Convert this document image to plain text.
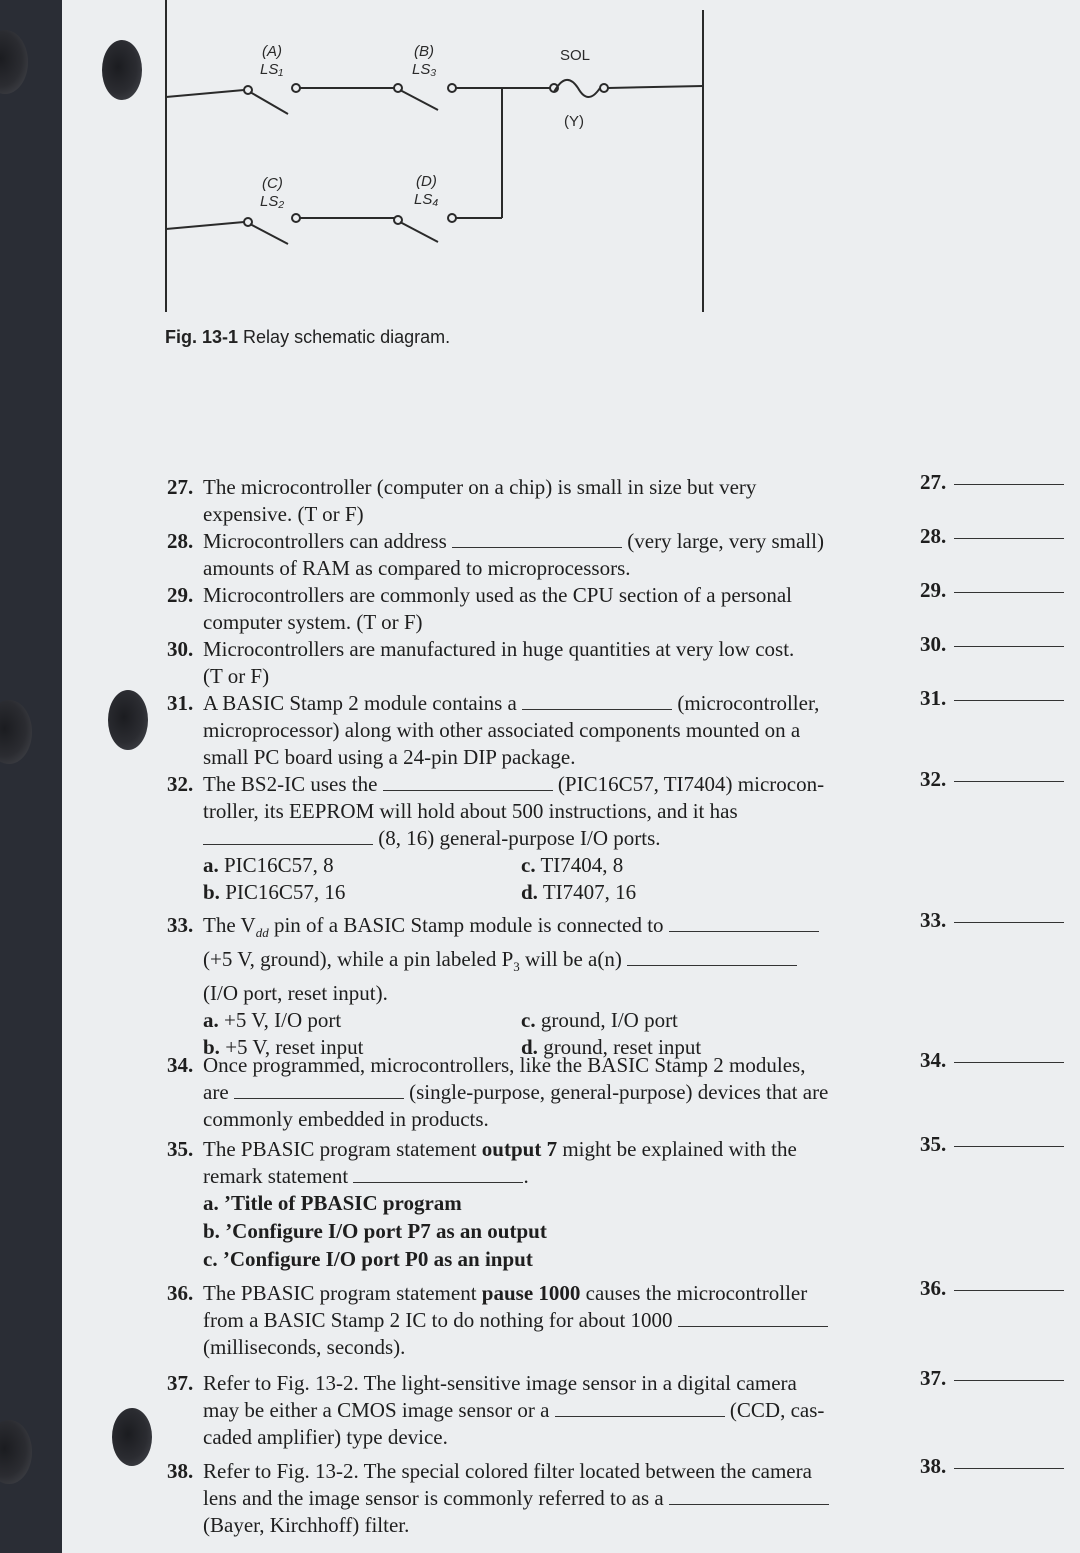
(A)
LS₁
(B)
LS₃
(C)
LS₂
(D)
LS₄
SOL
(Y)
Fig. 13-1 Relay schematic diagram.
27. The microcontroller (computer on a chip) is small in size but very
expensive. (T or F)
28. Microcontrollers can address	(very large, very small)
amounts of RAM as compared to microprocessors.
29. Microcontrollers are commonly used as the CPU section of a personal
computer system. (T or F)
30. Microcontrollers are manufactured in huge quantities at very low cost.
(T or F)
31. A BASIC Stamp 2 module contains a	(microcontroller,
microprocessor) along with other associated components mounted on a
small PC board using a 24-pin DIP package.
32. The BS2-IC uses the	(PIC16C57, TI7404) microcon-
troller, its EEPROM will hold about 500 instructions, and it has
(8, 16) general-purpose I/O ports.
a. PIC16C57, 8
b. PIC16C57, 16
c. TI7404, 8
d. TI7407, 16
33. The $V_{dd}$ pin of a BASIC Stamp module is connected to
(+5 V, ground), while a pin labeled $P_3$ will be a(n)
(I/O port, reset input).
a. +5 V, I/O port
b. +5 V, reset input
c. ground, I/O port
d. ground, reset input
34. Once programmed, microcontrollers, like the BASIC Stamp 2 modules,
are	(single-purpose, general-purpose) devices that are
commonly embedded in products.
35. The PBASIC program statement output 7 might be explained with the
remark statement	.
a. ’Title of PBASIC program
b. ’Configure I/O port P7 as an output
c. ’Configure I/O port P0 as an input
36. The PBASIC program statement pause 1000 causes the microcontroller
from a BASIC Stamp 2 IC to do nothing for about 1000
(milliseconds, seconds).
37. Refer to Fig. 13-2. The light-sensitive image sensor in a digital camera
may be either a CMOS image sensor or a	(CCD, cas-
caded amplifier) type device.
38. Refer to Fig. 13-2. The special colored filter located between the camera
lens and the image sensor is commonly referred to as a
(Bayer, Kirchhoff) filter.
27.
28.
29.
30.
31.
32.
33.
34.
35.
36.
37.
38.
